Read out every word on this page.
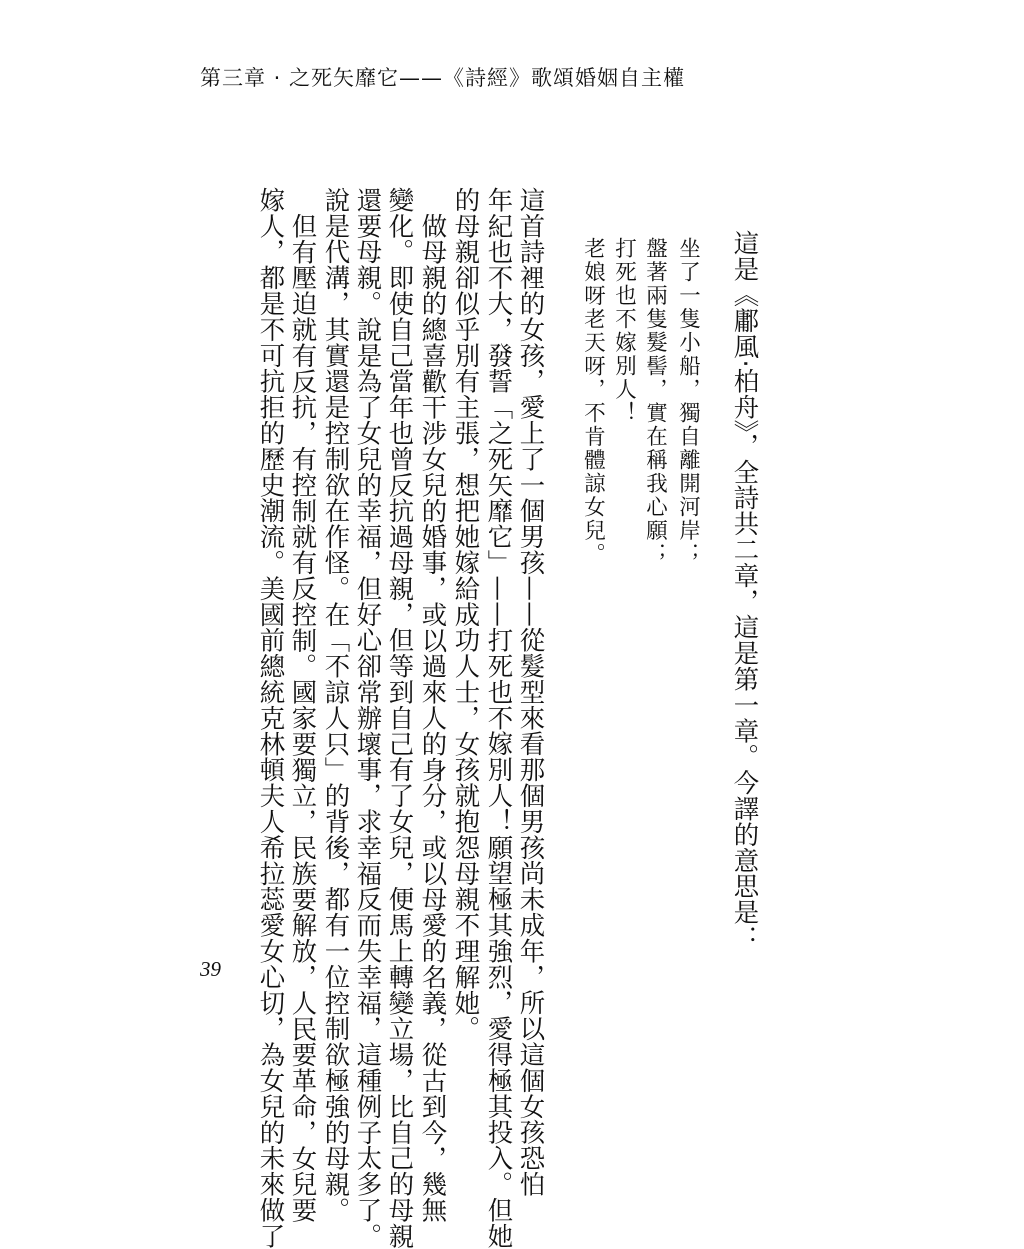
第三章 · 之死矢靡它——《詩經》歌頌婚姻自主權
這是《鄘風‧柏舟》，全詩共二章，這是第一章。今譯的意思是：
坐了一隻小船，獨自離開河岸；
盤著兩隻髮髻，實在稱我心願；
打死也不嫁別人！
老娘呀老天呀，不肯體諒女兒。
這首詩裡的女孩，愛上了一個男孩——從髮型來看那個男孩尚未成年，所以這個女孩恐怕
年紀也不大，發誓「之死矢靡它」——打死也不嫁別人！願望極其強烈，愛得極其投入。但她
的母親卻似乎別有主張，想把她嫁給成功人士，女孩就抱怨母親不理解她。
做母親的總喜歡干涉女兒的婚事，或以過來人的身分，或以母愛的名義，從古到今，幾無
變化。即使自己當年也曾反抗過母親，但等到自己有了女兒，便馬上轉變立場，比自己的母親
還要母親。說是為了女兒的幸福，但好心卻常辦壞事，求幸福反而失幸福，這種例子太多了。
說是代溝，其實還是控制欲在作怪。在「不諒人只」的背後，都有一位控制欲極強的母親。
但有壓迫就有反抗，有控制就有反控制。國家要獨立，民族要解放，人民要革命，女兒要
嫁人，都是不可抗拒的歷史潮流。美國前總統克林頓夫人希拉蕊愛女心切，為女兒的未來做了
39
